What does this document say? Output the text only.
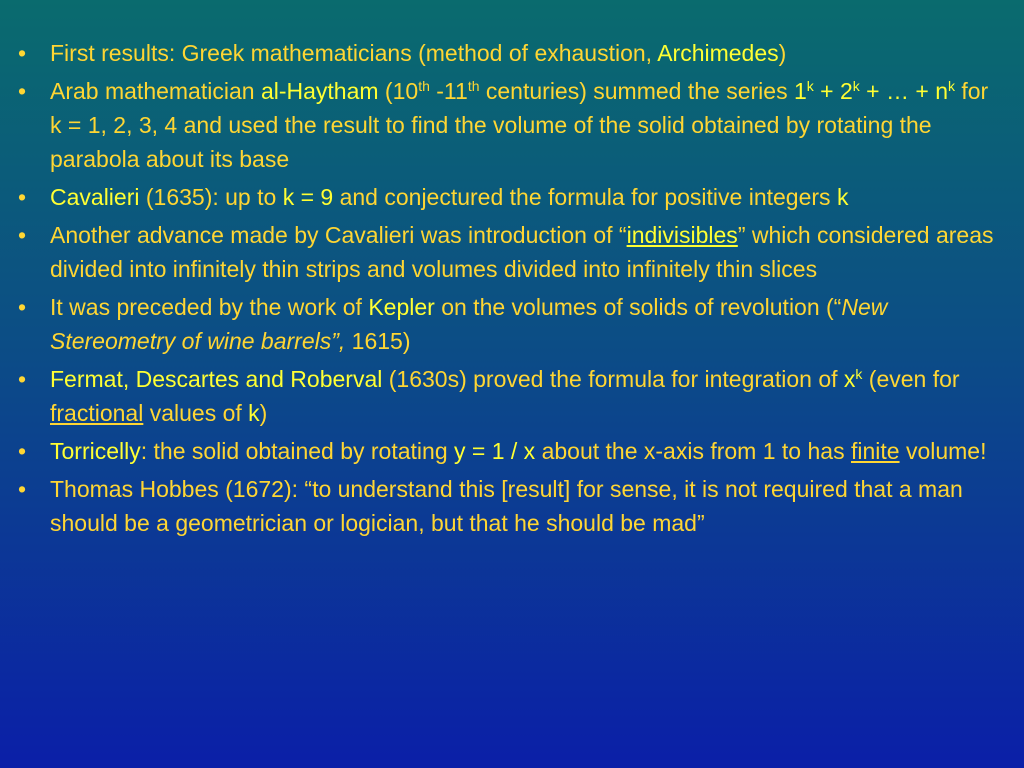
• First results: Greek mathematicians (method of exhaustion, Archimedes)
• Arab mathematician al-Haytham (10th -11th centuries) summed the series $1^k + 2^k$ + … + $n^k$ for k = 1, 2, 3, 4 and used the result to find the volume of the solid obtained by rotating the parabola about its base
• Cavalieri (1635): up to k = 9 and conjectured the formula for positive integers k
• Another advance made by Cavalieri was introduction of “indivisibles” which considered areas divided into infinitely thin strips and volumes divided into infinitely thin slices
• It was preceded by the work of Kepler on the volumes of solids of revolution (“New Stereometry of wine barrels”, 1615)
• Fermat, Descartes and Roberval (1630s) proved the formula for integration of $x^k$ (even for fractional values of k)
• Torricelly: the solid obtained by rotating y = 1 / x about the x-axis from 1 to has finite volume!
• Thomas Hobbes (1672): “to understand this [result] for sense, it is not required that a man should be a geometrician or logician, but that he should be mad”
